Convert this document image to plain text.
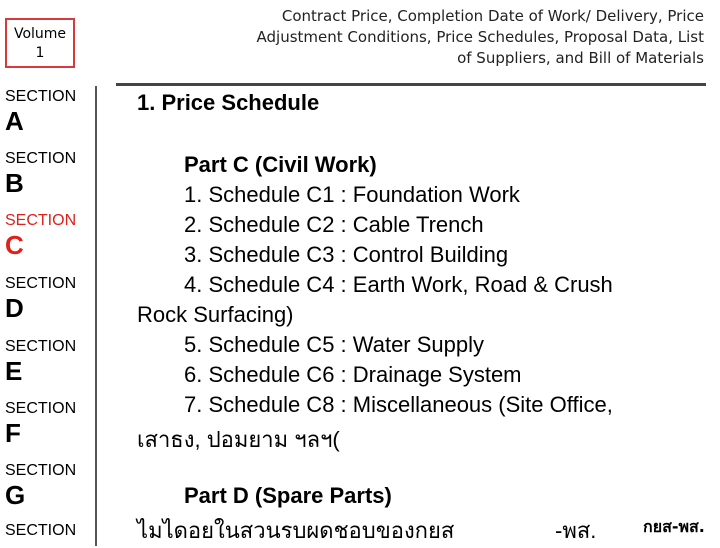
Volume
1
Contract Price, Completion Date of Work/ Delivery, Price
Adjustment Conditions, Price Schedules, Proposal Data, List
of Suppliers, and Bill of Materials
SECTION
A
SECTION
B
SECTION
C
SECTION
D
SECTION
E
SECTION
F
SECTION
G
SECTION
1. Price Schedule
Part C (Civil Work)
1. Schedule C1 : Foundation Work
2. Schedule C2 : Cable Trench
3. Schedule C3 : Control Building
4. Schedule C4 : Earth Work, Road & Crush
Rock Surfacing)
5. Schedule C5 : Water Supply
6. Schedule C6 : Drainage System
7. Schedule C8 : Miscellaneous (Site Office,
เสาธง, ปอมยาม ฯลฯ(
Part D (Spare Parts)
ไมไดอยในสวนรบผดชอบของกยส	-พส.	กยส-พส.
